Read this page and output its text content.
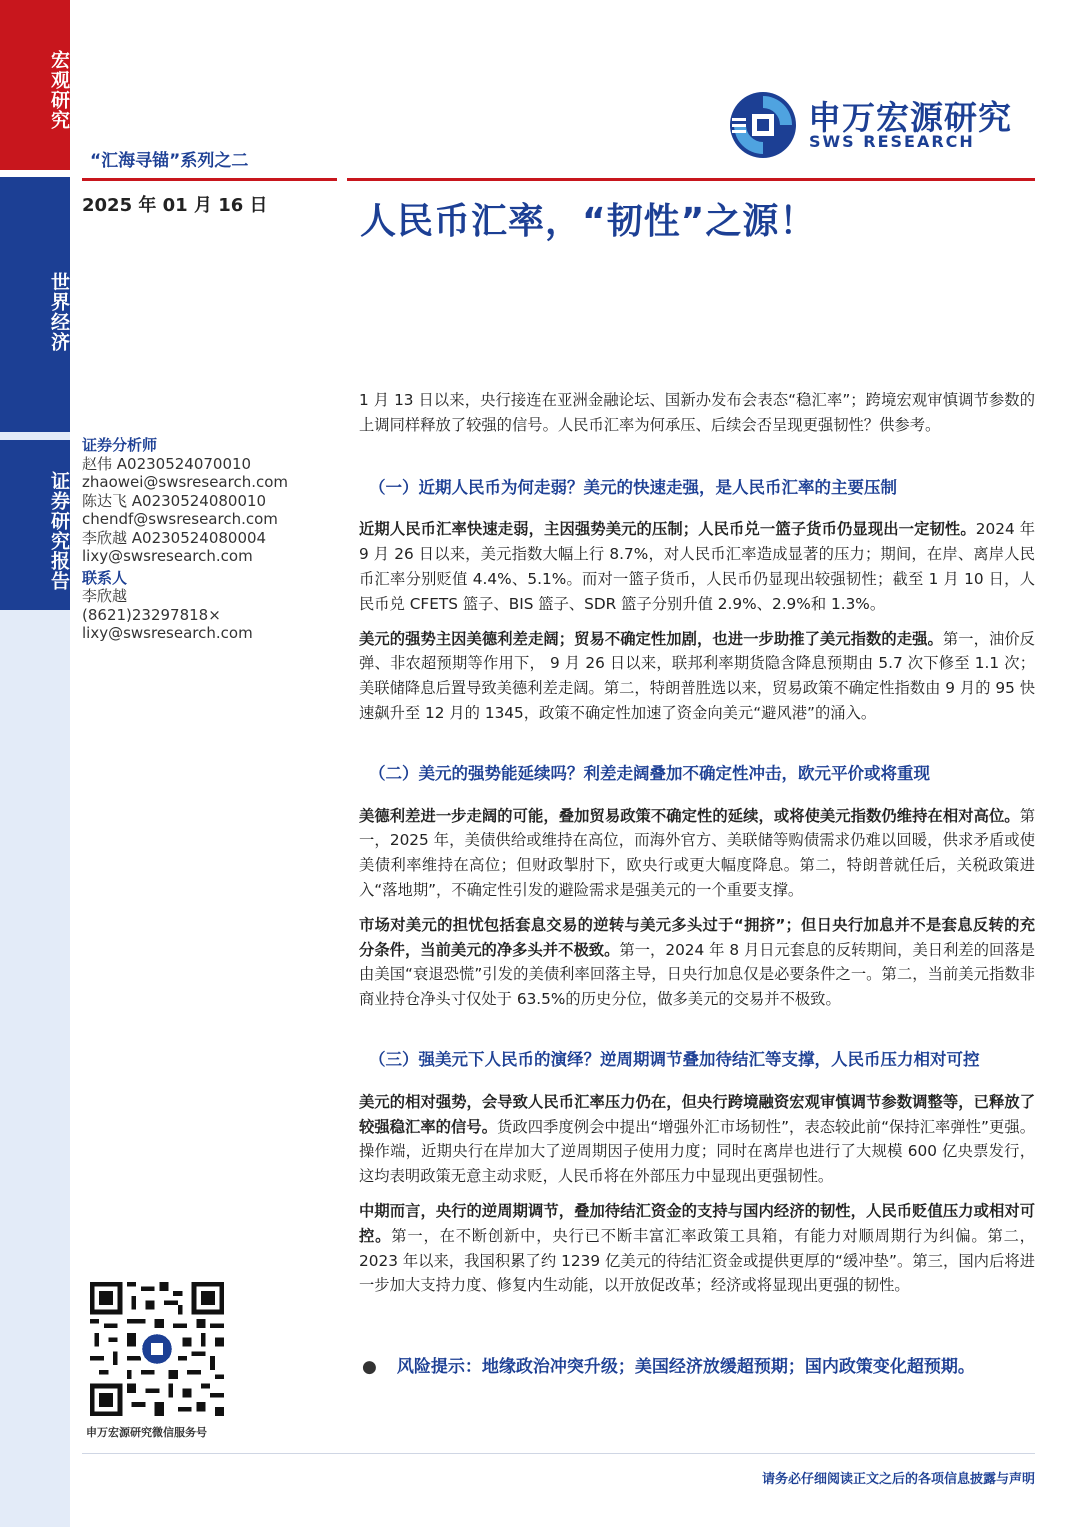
宏观研究
世界经济
证券研究报告
申万宏源研究
SWS RESEARCH
“汇海寻锚”系列之二
2025 年 01 月 16 日	人民币汇率，“韧性”之源！
证券分析师
赵伟 A0230524070010
zhaowei@swsresearch.com
陈达飞 A0230524080010
chendf@swsresearch.com
李欣越 A0230524080004
lixy@swsresearch.com
联系人
李欣越
(8621)23297818×
lixy@swsresearch.com

1 月 13 日以来，央行接连在亚洲金融论坛、国新办发布会表态“稳汇率”；跨境宏观审慎调节参数的上调同样释放了较强的信号。人民币汇率为何承压、后续会否呈现更强韧性？供参考。

（一）近期人民币为何走弱？美元的快速走强，是人民币汇率的主要压制

近期人民币汇率快速走弱，主因强势美元的压制；人民币兑一篮子货币仍显现出一定韧性。2024 年 9 月 26 日以来，美元指数大幅上行 8.7%，对人民币汇率造成显著的压力；期间，在岸、离岸人民币汇率分别贬值 4.4%、5.1%。而对一篮子货币，人民币仍显现出较强韧性；截至 1 月 10 日，人民币兑 CFETS 篮子、BIS 篮子、SDR 篮子分别升值 2.9%、2.9%和 1.3%。

美元的强势主因美德利差走阔；贸易不确定性加剧，也进一步助推了美元指数的走强。第一，油价反弹、非农超预期等作用下， 9 月 26 日以来，联邦利率期货隐含降息预期由 5.7 次下修至 1.1 次；美联储降息后置导致美德利差走阔。第二，特朗普胜选以来，贸易政策不确定性指数由 9 月的 95 快速飙升至 12 月的 1345，政策不确定性加速了资金向美元“避风港”的涌入。

（二）美元的强势能延续吗？利差走阔叠加不确定性冲击，欧元平价或将重现

美德利差进一步走阔的可能，叠加贸易政策不确定性的延续，或将使美元指数仍维持在相对高位。第一，2025 年，美债供给或维持在高位，而海外官方、美联储等购债需求仍难以回暖，供求矛盾或使美债利率维持在高位；但财政掣肘下，欧央行或更大幅度降息。第二，特朗普就任后，关税政策进入“落地期”，不确定性引发的避险需求是强美元的一个重要支撑。

市场对美元的担忧包括套息交易的逆转与美元多头过于“拥挤”；但日央行加息并不是套息反转的充分条件，当前美元的净多头并不极致。第一，2024 年 8 月日元套息的反转期间，美日利差的回落是由美国“衰退恐慌”引发的美债利率回落主导，日央行加息仅是必要条件之一。第二，当前美元指数非商业持仓净头寸仅处于 63.5%的历史分位，做多美元的交易并不极致。

（三）强美元下人民币的演绎？逆周期调节叠加待结汇等支撑，人民币压力相对可控

美元的相对强势，会导致人民币汇率压力仍在，但央行跨境融资宏观审慎调节参数调整等，已释放了较强稳汇率的信号。货政四季度例会中提出“增强外汇市场韧性”，表态较此前“保持汇率弹性”更强。操作端，近期央行在岸加大了逆周期因子使用力度；同时在离岸也进行了大规模 600 亿央票发行，这均表明政策无意主动求贬，人民币将在外部压力中显现出更强韧性。

中期而言，央行的逆周期调节，叠加待结汇资金的支持与国内经济的韧性，人民币贬值压力或相对可控。第一，在不断创新中，央行已不断丰富汇率政策工具箱，有能力对顺周期行为纠偏。第二，2023 年以来，我国积累了约 1239 亿美元的待结汇资金或提供更厚的“缓冲垫”。第三，国内后将进一步加大支持力度、修复内生动能，以开放促改革；经济或将显现出更强的韧性。

● 风险提示：地缘政治冲突升级；美国经济放缓超预期；国内政策变化超预期。
申万宏源研究微信服务号
请务必仔细阅读正文之后的各项信息披露与声明
